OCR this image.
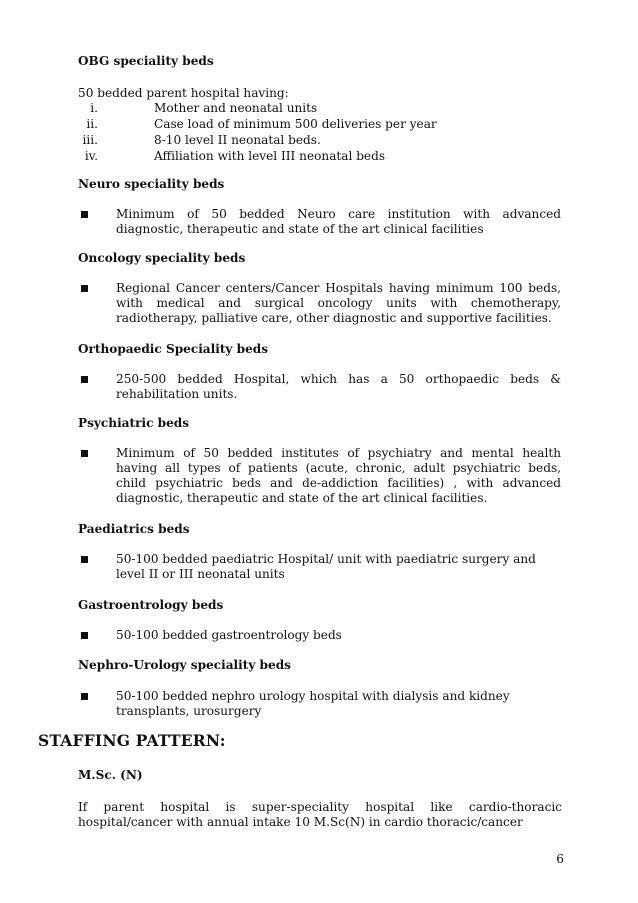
OBG speciality beds
50 bedded parent hospital having:
i.	Mother and neonatal units
ii.	Case load of minimum 500 deliveries per year
iii.	8-10 level II neonatal beds.
iv.	Affiliation with level III neonatal beds
Neuro speciality beds
Minimum of 50 bedded Neuro care institution with advanced
diagnostic, therapeutic and state of the art clinical facilities
Oncology speciality beds
Regional Cancer centers/Cancer Hospitals having minimum 100 beds,
with medical and surgical oncology units with chemotherapy,
radiotherapy, palliative care, other diagnostic and supportive facilities.
Orthopaedic Speciality beds
250-500 bedded Hospital, which has a 50 orthopaedic beds &
rehabilitation units.
Psychiatric beds
Minimum of 50 bedded institutes of psychiatry and mental health
having all types of patients (acute, chronic, adult psychiatric beds,
child psychiatric beds and de-addiction facilities) , with advanced
diagnostic, therapeutic and state of the art clinical facilities.
Paediatrics beds
50-100 bedded paediatric Hospital/ unit with paediatric surgery and
level II or III neonatal units
Gastroentrology beds
50-100 bedded gastroentrology beds
Nephro-Urology speciality beds
50-100 bedded nephro urology hospital with dialysis and kidney
transplants, urosurgery
STAFFING PATTERN:
M.Sc. (N)
If parent hospital is super-speciality hospital like cardio-thoracic
hospital/cancer with annual intake 10 M.Sc(N) in cardio thoracic/cancer
6
